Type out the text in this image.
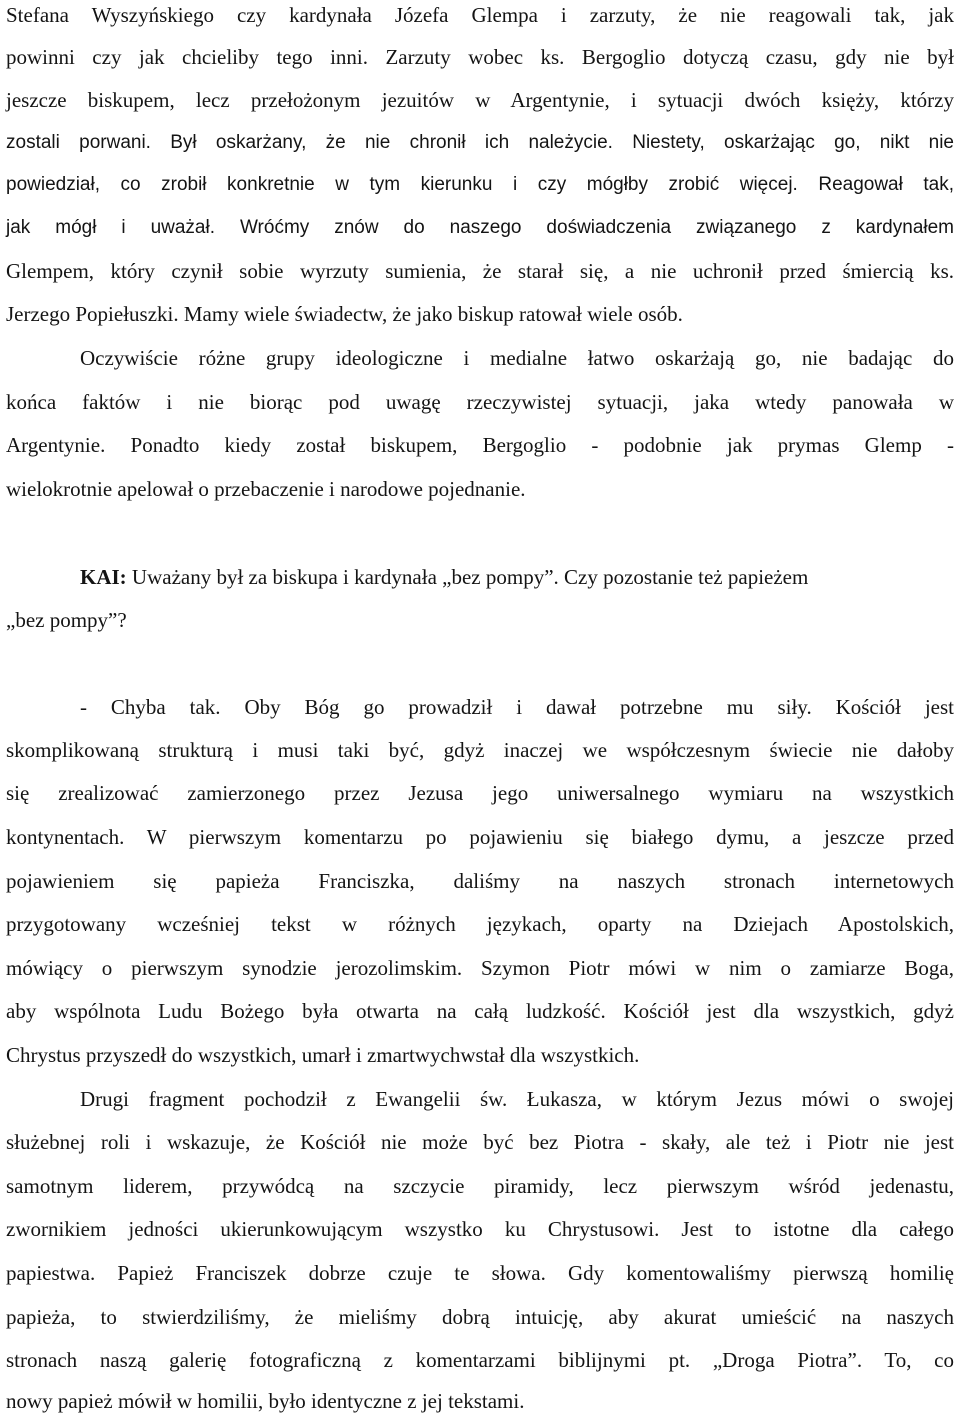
Stefana Wyszyńskiego czy kardynała Józefa Glempa i zarzuty, że nie reagowali tak, jak
powinni czy jak chcieliby tego inni. Zarzuty wobec ks. Bergoglio dotyczą czasu, gdy nie był
jeszcze biskupem, lecz przełożonym jezuitów w Argentynie, i sytuacji dwóch księży, którzy
zostali porwani. Był oskarżany, że nie chronił ich należycie. Niestety, oskarżając go, nikt nie
powiedział, co zrobił konkretnie w tym kierunku i czy mógłby zrobić więcej. Reagował tak,
jak mógł i uważał. Wróćmy znów do naszego doświadczenia związanego z kardynałem
Glempem, który czynił sobie wyrzuty sumienia, że starał się, a nie uchronił przed śmiercią ks.
Jerzego Popiełuszki. Mamy wiele świadectw, że jako biskup ratował wiele osób.
Oczywiście różne grupy ideologiczne i medialne łatwo oskarżają go, nie badając do
końca faktów i nie biorąc pod uwagę rzeczywistej sytuacji, jaka wtedy panowała w
Argentynie. Ponadto kiedy został biskupem, Bergoglio - podobnie jak prymas Glemp -
wielokrotnie apelował o przebaczenie i narodowe pojednanie.
KAI: Uważany był za biskupa i kardynała „bez pompy”. Czy pozostanie też papieżem
„bez pompy”?
- Chyba tak. Oby Bóg go prowadził i dawał potrzebne mu siły. Kościół jest
skomplikowaną strukturą i musi taki być, gdyż inaczej we współczesnym świecie nie dałoby
się zrealizować zamierzonego przez Jezusa jego uniwersalnego wymiaru na wszystkich
kontynentach. W pierwszym komentarzu po pojawieniu się białego dymu, a jeszcze przed
pojawieniem się papieża Franciszka, daliśmy na naszych stronach internetowych
przygotowany wcześniej tekst w różnych językach, oparty na Dziejach Apostolskich,
mówiący o pierwszym synodzie jerozolimskim. Szymon Piotr mówi w nim o zamiarze Boga,
aby wspólnota Ludu Bożego była otwarta na całą ludzkość. Kościół jest dla wszystkich, gdyż
Chrystus przyszedł do wszystkich, umarł i zmartwychwstał dla wszystkich.
Drugi fragment pochodził z Ewangelii św. Łukasza, w którym Jezus mówi o swojej
służebnej roli i wskazuje, że Kościół nie może być bez Piotra - skały, ale też i Piotr nie jest
samotnym liderem, przywódcą na szczycie piramidy, lecz pierwszym wśród jedenastu,
zwornikiem jedności ukierunkowującym wszystko ku Chrystusowi. Jest to istotne dla całego
papiestwa. Papież Franciszek dobrze czuje te słowa. Gdy komentowaliśmy pierwszą homilię
papieża, to stwierdziliśmy, że mieliśmy dobrą intuicję, aby akurat umieścić na naszych
stronach naszą galerię fotograficzną z komentarzami biblijnymi pt. „Droga Piotra”. To, co
nowy papież mówił w homilii, było identyczne z jej tekstami.
